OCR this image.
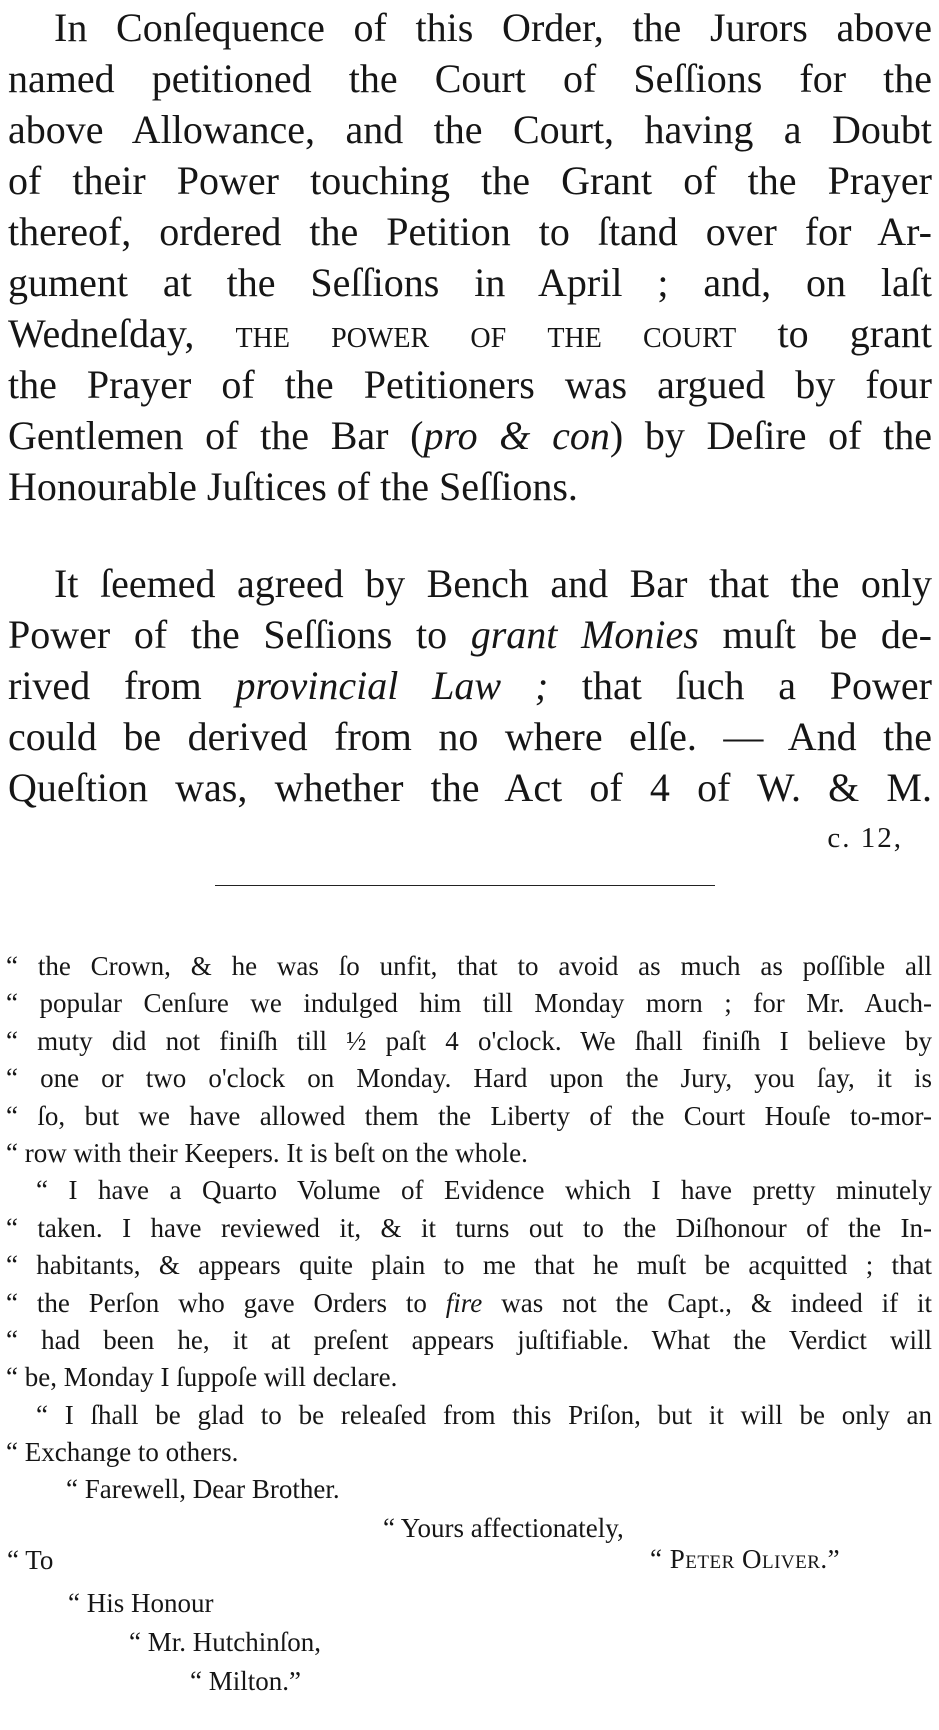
In Conſequence of this Order, the Jurors above
named petitioned the Court of Seſſions for the
above Allowance, and the Court, having a Doubt
of their Power touching the Grant of the Prayer
thereof, ordered the Petition to ſtand over for Ar-
gument at the Seſſions in April ; and, on laſt
Wedneſday, the power of the court to grant
the Prayer of the Petitioners was argued by four
Gentlemen of the Bar (pro & con) by Deſire of the
Honourable Juſtices of the Seſſions.
It ſeemed agreed by Bench and Bar that the only
Power of the Seſſions to grant Monies muſt be de-
rived from provincial Law ; that ſuch a Power
could be derived from no where elſe. — And the
Queſtion was, whether the Act of 4 of W. & M.
c. 12,
“ the Crown, & he was ſo unfit, that to avoid as much as poſſible all
“ popular Cenſure we indulged him till Monday morn ; for Mr. Auch-
“ muty did not finiſh till ½ paſt 4 o'clock. We ſhall finiſh I believe by
“ one or two o'clock on Monday. Hard upon the Jury, you ſay, it is
“ ſo, but we have allowed them the Liberty of the Court Houſe to-mor-
“ row with their Keepers. It is beſt on the whole.
“ I have a Quarto Volume of Evidence which I have pretty minutely
“ taken. I have reviewed it, & it turns out to the Diſhonour of the In-
“ habitants, & appears quite plain to me that he muſt be acquitted ; that
“ the Perſon who gave Orders to fire was not the Capt., & indeed if it
“ had been he, it at preſent appears juſtifiable. What the Verdict will
“ be, Monday I ſuppoſe will declare.
“ I ſhall be glad to be releaſed from this Priſon, but it will be only an
“ Exchange to others.
“ Farewell, Dear Brother.
“ Yours affectionately,
“ To	“ Peter Oliver.”
“ His Honour
“ Mr. Hutchinſon,
“ Milton.”
